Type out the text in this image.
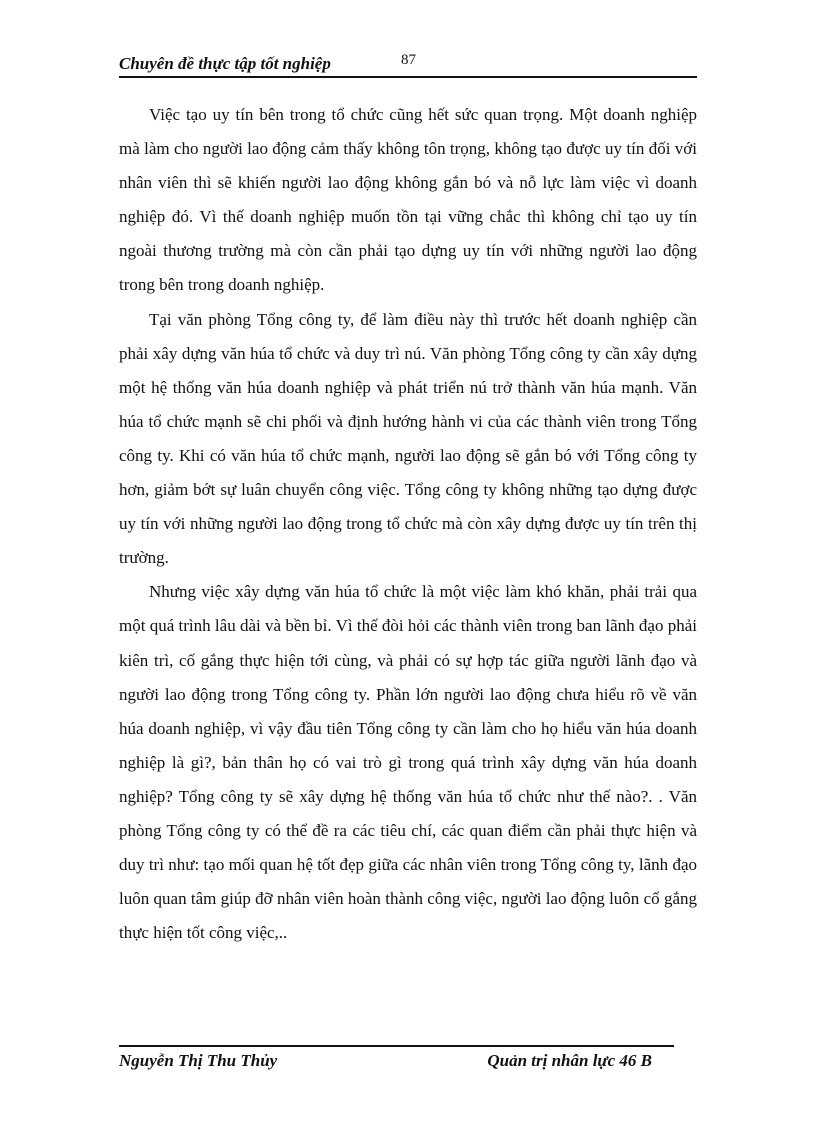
Chuyên đề thực tập tốt nghiệp	87

Việc tạo uy tín bên trong tổ chức cũng hết sức quan trọng. Một doanh nghiệp mà làm cho người lao động cảm thấy không tôn trọng, không tạo được uy tín đối với nhân viên thì sẽ khiến người lao động không gắn bó và nỗ lực làm việc vì doanh nghiệp đó. Vì thế doanh nghiệp muốn tồn tại vững chắc thì không chỉ tạo uy tín ngoài thương trường mà còn cần phải tạo dựng uy tín với những người lao động trong bên trong doanh nghiệp.

Tại văn phòng Tổng công ty, để làm điều này thì trước hết doanh nghiệp cần phải xây dựng văn húa tổ chức và duy trì nú. Văn phòng Tổng công ty cần xây dựng một hệ thống văn húa doanh nghiệp và phát triển nú trở thành văn húa mạnh. Văn húa tổ chức mạnh sẽ chi phối và định hướng hành vi của các thành viên trong Tổng công ty. Khi có văn húa tổ chức mạnh, người lao động sẽ gắn bó với Tổng công ty hơn, giảm bớt sự luân chuyển công việc. Tổng công ty không những tạo dựng được uy tín với những người lao động trong tổ chức mà còn xây dựng được uy tín trên thị trường.

Nhưng việc xây dựng văn húa tổ chức là một việc làm khó khăn, phải trải qua một quá trình lâu dài và bền bỉ. Vì thế đòi hỏi các thành viên trong ban lãnh đạo phải kiên trì, cố gắng thực hiện tới cùng, và phải có sự hợp tác giữa người lãnh đạo và người lao động trong Tổng công ty. Phần lớn người lao động chưa hiểu rõ về văn húa doanh nghiệp, vì vậy đầu tiên Tổng công ty cần làm cho họ hiểu văn húa doanh nghiệp là gì?, bản thân họ có vai trò gì trong quá trình xây dựng văn húa doanh nghiệp? Tổng công ty sẽ xây dựng hệ thống văn húa tổ chức như thế nào?. . Văn phòng Tổng công ty có thể đề ra các tiêu chí, các quan điểm cần phải thực hiện và duy trì như: tạo mối quan hệ tốt đẹp giữa các nhân viên trong Tổng công ty, lãnh đạo luôn quan tâm giúp đỡ nhân viên hoàn thành công việc, người lao động luôn cố gắng thực hiện tốt công việc,..

Nguyễn Thị Thu Thủy	Quản trị nhân lực 46 B
